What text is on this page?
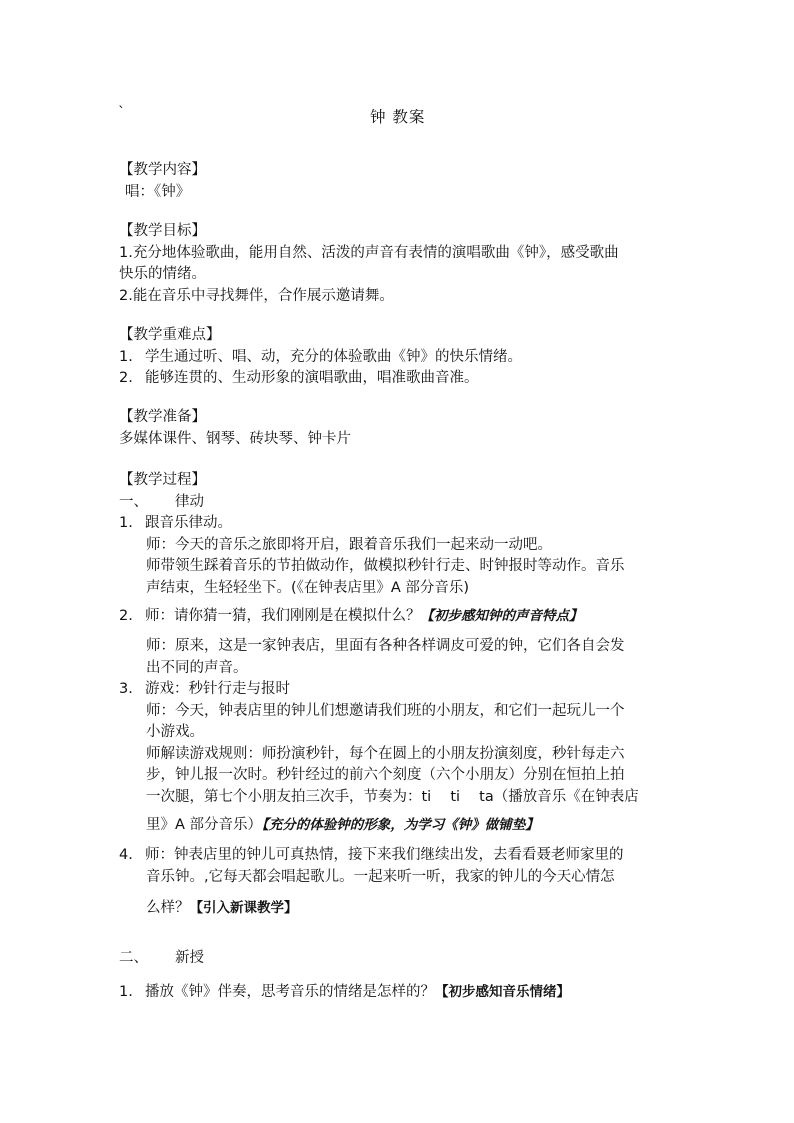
`	钟 教案
【教学内容】
唱：《钟》
【教学目标】
1.充分地体验歌曲，能用自然、活泼的声音有表情的演唱歌曲《钟》，感受歌曲
快乐的情绪。
2.能在音乐中寻找舞伴，合作展示邀请舞。
【教学重难点】
1. 学生通过听、唱、动，充分的体验歌曲《钟》的快乐情绪。
2. 能够连贯的、生动形象的演唱歌曲，唱准歌曲音准。
【教学准备】
多媒体课件、钢琴、砖块琴、钟卡片
【教学过程】
一、 律动
1. 跟音乐律动。
师：今天的音乐之旅即将开启，跟着音乐我们一起来动一动吧。
师带领生踩着音乐的节拍做动作，做模拟秒针行走、时钟报时等动作。音乐
声结束，生轻轻坐下。(《在钟表店里》A 部分音乐)
2. 师：请你猜一猜，我们刚刚是在模拟什么？【初步感知钟的声音特点】
师：原来，这是一家钟表店，里面有各种各样调皮可爱的钟，它们各自会发
出不同的声音。
3. 游戏：秒针行走与报时
师：今天，钟表店里的钟儿们想邀请我们班的小朋友，和它们一起玩儿一个
小游戏。
师解读游戏规则：师扮演秒针，每个在圆上的小朋友扮演刻度，秒针每走六
步，钟儿报一次时。秒针经过的前六个刻度（六个小朋友）分别在恒拍上拍
一次腿，第七个小朋友拍三次手，节奏为：ti　 ti　 ta（播放音乐《在钟表店
里》A 部分音乐）【充分的体验钟的形象，为学习《钟》做铺垫】
4. 师：钟表店里的钟儿可真热情，接下来我们继续出发，去看看聂老师家里的
音乐钟。,它每天都会唱起歌儿。一起来听一听，我家的钟儿的今天心情怎
么样？【引入新课教学】
二、 新授
1. 播放《钟》伴奏，思考音乐的情绪是怎样的？【初步感知音乐情绪】
